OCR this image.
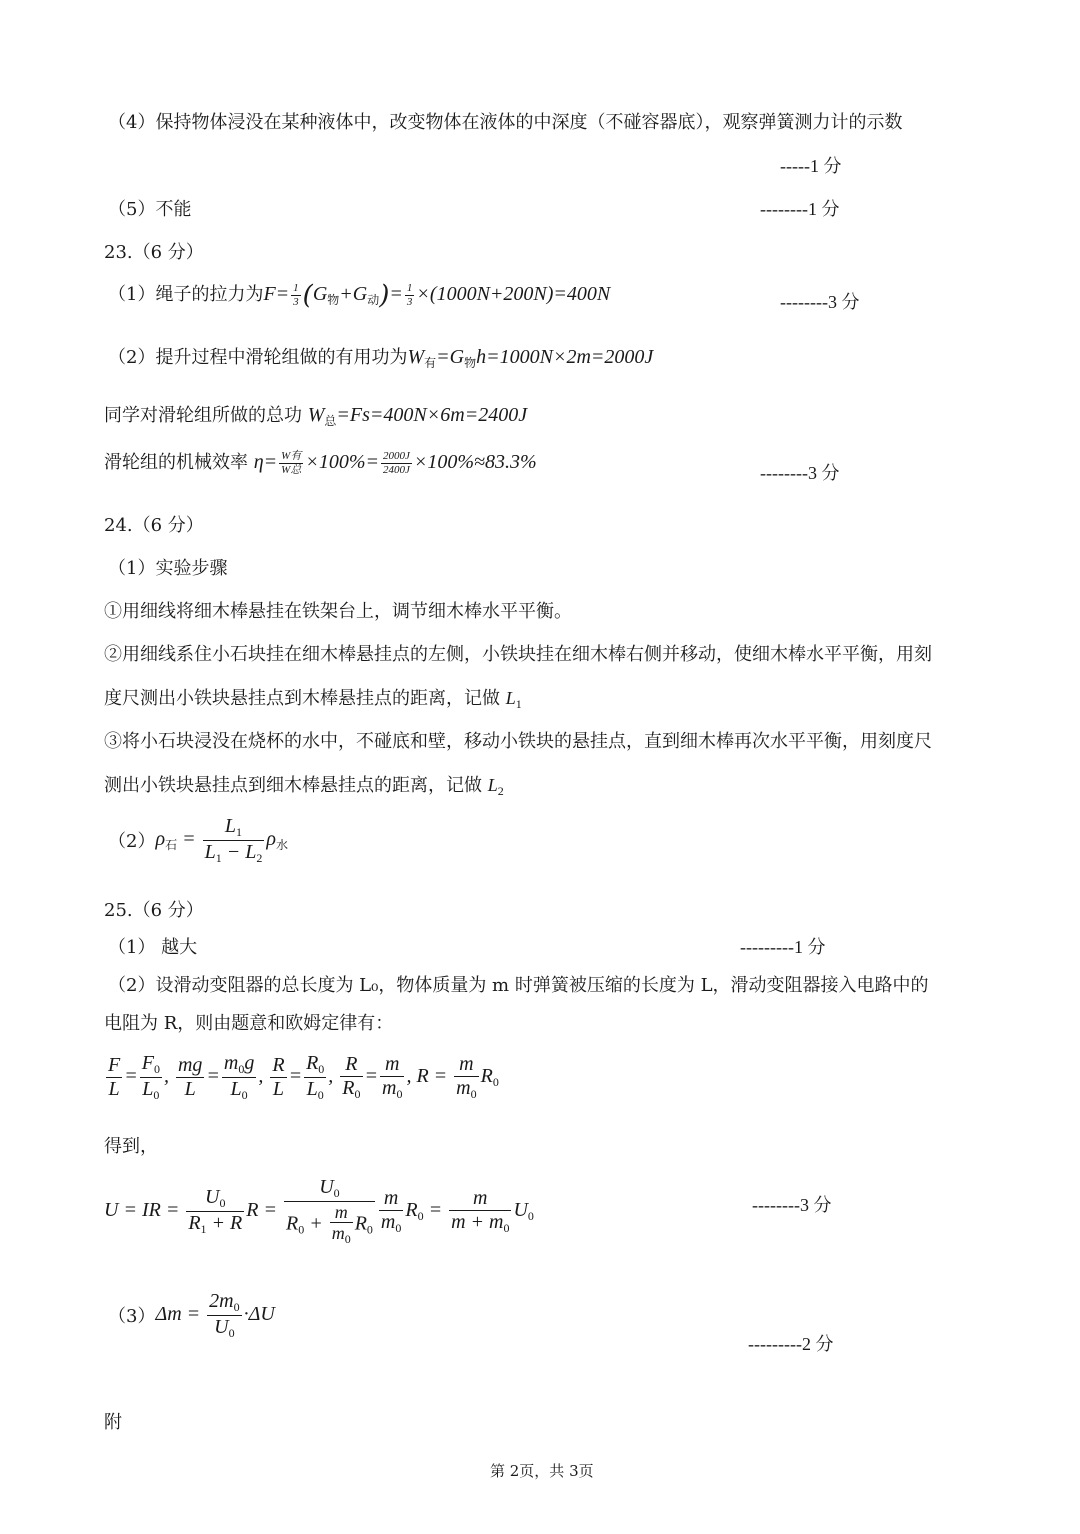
（4）保持物体浸没在某种液体中，改变物体在液体的中深度（不碰容器底），观察弹簧测力计的示数
-----1 分
（5）不能	--------1 分
23.（6 分）
（1）绳子的拉力为$F= \frac{1}{3} (G_物+G_动)= \frac{1}{3} \times(1000N+200N)=400N$	--------3 分
（2）提升过程中滑轮组做的有用功为$W_有=G_物h=1000N\times 2m=2000J$
同学对滑轮组所做的总功 $W_总=Fs=400N\times 6m=2400J$
滑轮组的机械效率 $\eta= \frac{\text{W有}}{\text{W总}} \times 100\%= \frac{2000J}{2400J} \times 100\%\approx 83.3\%$	--------3 分
24.（6 分）
（1）实验步骤
①用细线将细木棒悬挂在铁架台上，调节细木棒水平平衡。
②用细线系住小石块挂在细木棒悬挂点的左侧，小铁块挂在细木棒右侧并移动，使细木棒水平平衡，用刻
度尺测出小铁块悬挂点到木棒悬挂点的距离，记做 $L_1$
③将小石块浸没在烧杯的水中，不碰底和壁，移动小铁块的悬挂点，直到细木棒再次水平平衡，用刻度尺
测出小铁块悬挂点到细木棒悬挂点的距离，记做 $L_2$
$(2)\rho_石 = \frac{L_1}{L_1 - L_2} \rho_水$
25.（6 分）
（1） 越大	---------1 分
（2）设滑动变阻器的总长度为 L₀，物体质量为 m 时弹簧被压缩的长度为 L，滑动变阻器接入电路中的
电阻为 R，则由题意和欧姆定律有：
$\frac{F}{L} = \frac{F_0}{L_0}$ , $\frac{mg}{L} = \frac{m_0g}{L_0}$ , $\frac{R}{L} = \frac{R_0}{L_0}$ , $\frac{R}{R_0} = \frac{m}{m_0}$ , $R = \frac{m}{m_0} R_0$
得到，
U = IR = $\frac{U_0}{R_1 + R}$ $R = \frac{U_0}{R_0 + \frac{m}{m_0} R_0} \frac{m}{m_0} R_0 = \frac{m}{m + m_0} U_0$
--------3 分
$(3)\Delta m = \frac{2m_0}{U_0} \cdot\Delta U$
---------2 分
附
第 2页，共 3页
